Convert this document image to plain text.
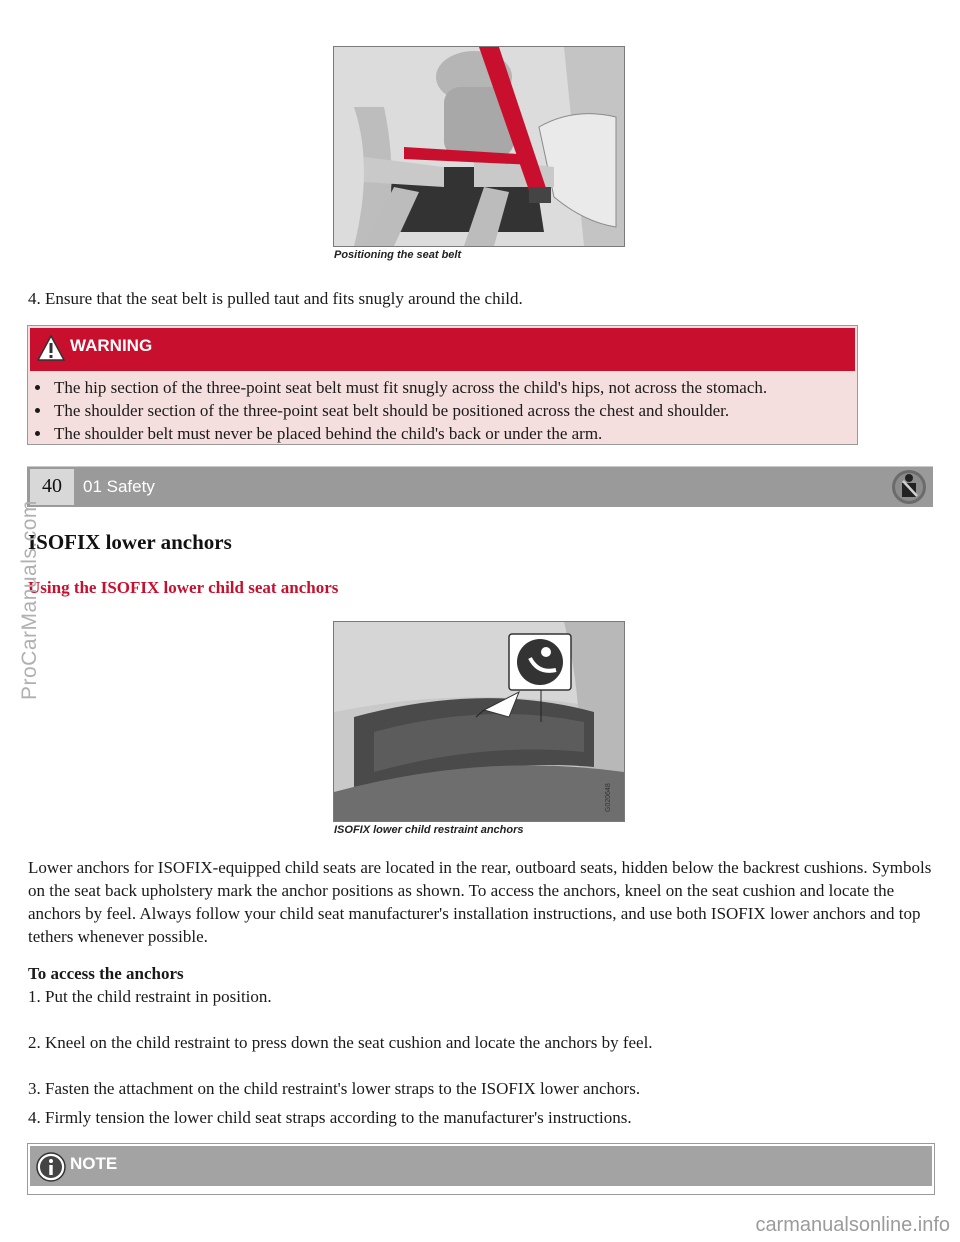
Positioning the seat belt
4. Ensure that the seat belt is pulled taut and fits snugly around the child.
WARNING
• The hip section of the three-point seat belt must fit snugly across the child's hips, not across the stomach.
• The shoulder section of the three-point seat belt should be positioned across the chest and shoulder.
• The shoulder belt must never be placed behind the child's back or under the arm.
40	01 Safety
ISOFIX lower anchors
Using the ISOFIX lower child seat anchors
G020648
ISOFIX lower child restraint anchors
Lower anchors for ISOFIX-equipped child seats are located in the rear, outboard seats, hidden below the backrest cushions. Symbols on the seat back upholstery mark the anchor positions as shown. To access the anchors, kneel on the seat cushion and locate the anchors by feel. Always follow your child seat manufacturer's installation instructions, and use both ISOFIX lower anchors and top tethers whenever possible.
To access the anchors
1. Put the child restraint in position.
2. Kneel on the child restraint to press down the seat cushion and locate the anchors by feel.
3. Fasten the attachment on the child restraint's lower straps to the ISOFIX lower anchors.
4. Firmly tension the lower child seat straps according to the manufacturer's instructions.
NOTE
ProCarManuals.com
carmanualsonline.info
